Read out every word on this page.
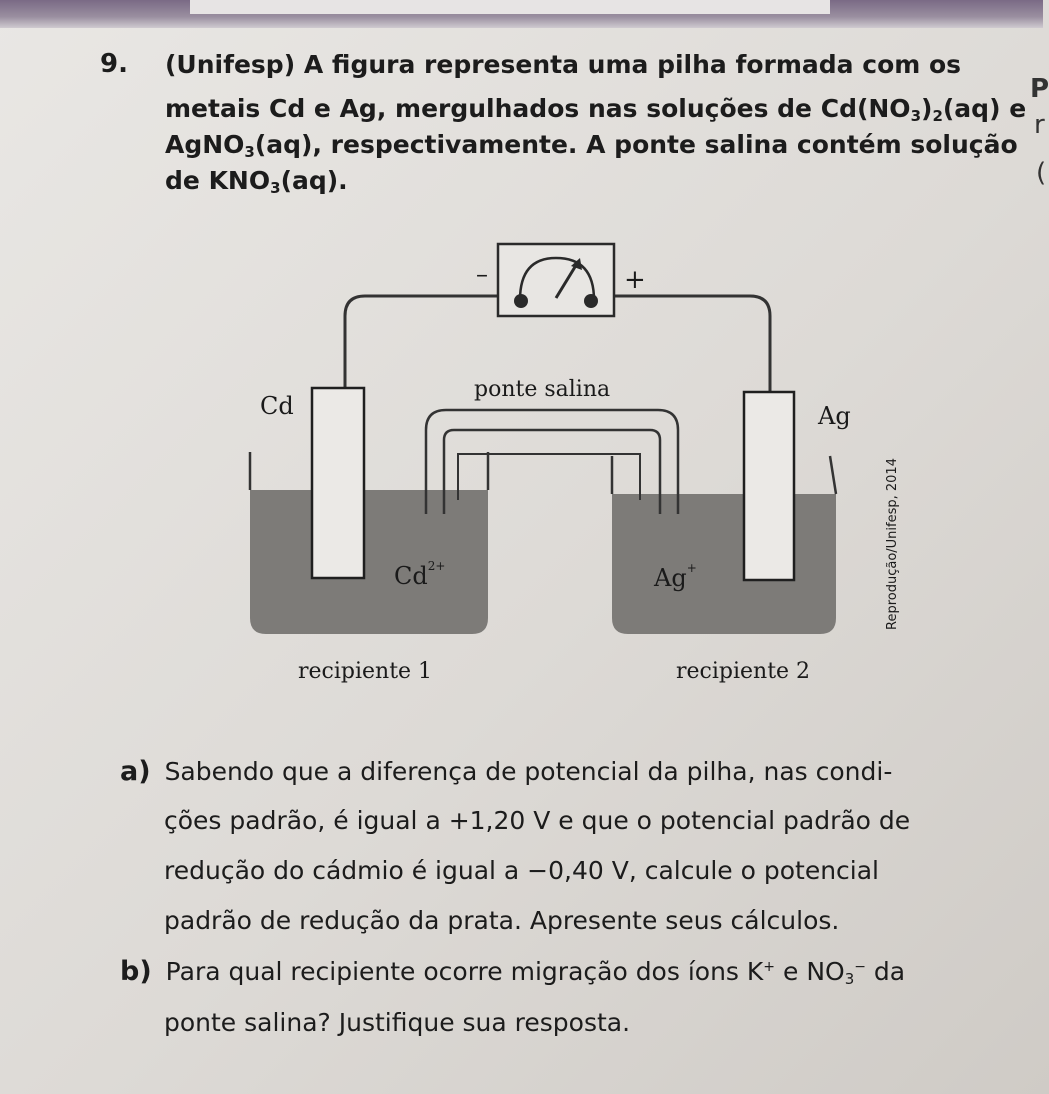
9. (Unifesp) A figura representa uma pilha formada com os
metais Cd e Ag, mergulhados nas soluções de $Cd(NO_3)_2(aq)$ e
AgNO$_3$(aq), respectivamente. A ponte salina contém solução
de $KNO_3(aq)$.
P
r
(
–	+
Cd	Ag
ponte salina
$Cd^{2+}$	Ag+
recipiente 1	recipiente 2
Reprodução/Unifesp, 2014
a) Sabendo que a diferença de potencial da pilha, nas condi-
ções padrão, é igual a +1,20 V e que o potencial padrão de
redução do cádmio é igual a −0,40 V, calcule o potencial
padrão de redução da prata. Apresente seus cálculos.
b) Para qual recipiente ocorre migração dos íons K+ e $NO_3^-$ da
ponte salina? Justifique sua resposta.
